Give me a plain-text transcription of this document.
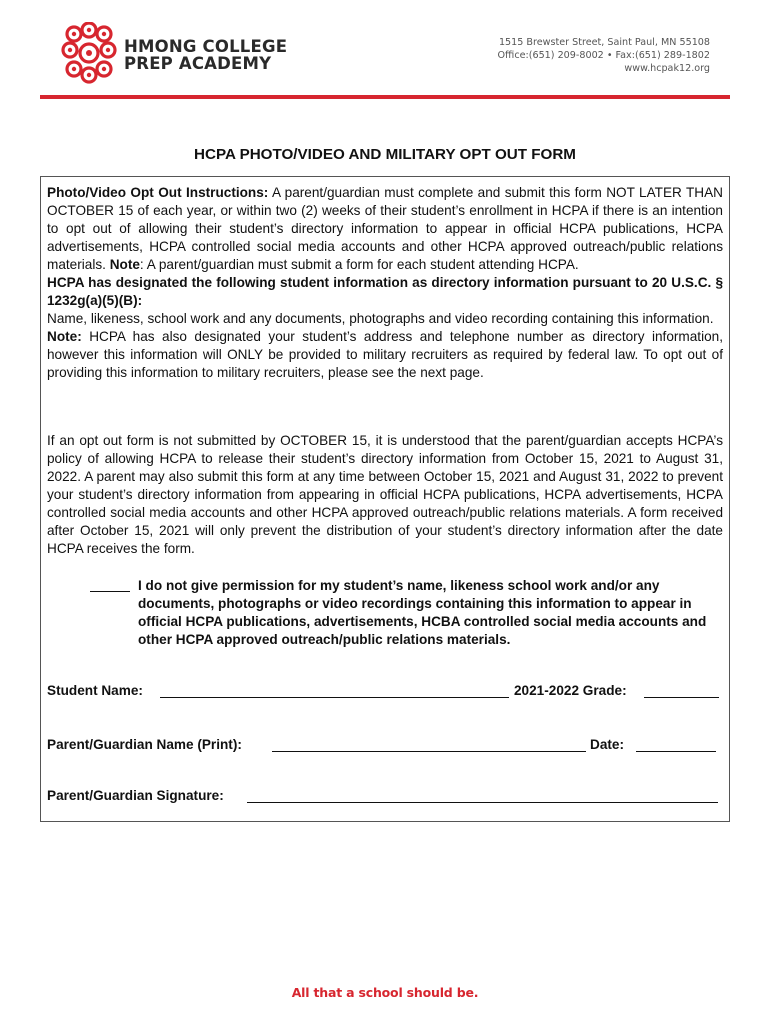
HMONG COLLEGE
PREP ACADEMY
1515 Brewster Street, Saint Paul, MN 55108
Office:(651) 209-8002 • Fax:(651) 289-1802
www.hcpak12.org
HCPA PHOTO/VIDEO AND MILITARY OPT OUT FORM
Photo/Video Opt Out Instructions: A parent/guardian must complete and submit this form NOT LATER THAN OCTOBER 15 of each year, or within two (2) weeks of their student’s enrollment in HCPA if there is an intention to opt out of allowing their student’s directory information to appear in official HCPA publications, HCPA advertisements, HCPA controlled social media accounts and other HCPA approved outreach/public relations materials. Note: A parent/guardian must submit a form for each student attending HCPA.
HCPA has designated the following student information as directory information pursuant to 20 U.S.C. § 1232g(a)(5)(B):
Name, likeness, school work and any documents, photographs and video recording containing this information.
Note: HCPA has also designated your student’s address and telephone number as directory information, however this information will ONLY be provided to military recruiters as required by federal law. To opt out of providing this information to military recruiters, please see the next page.
If an opt out form is not submitted by OCTOBER 15, it is understood that the parent/guardian accepts HCPA’s policy of allowing HCPA to release their student’s directory information from October 15, 2021 to August 31, 2022. A parent may also submit this form at any time between October 15, 2021 and August 31, 2022 to prevent your student’s directory information from appearing in official HCPA publications, HCPA advertisements, HCPA controlled social media accounts and other HCPA approved outreach/public relations materials. A form received after October 15, 2021 will only prevent the distribution of your student’s directory information after the date HCPA receives the form.
I do not give permission for my student’s name, likeness school work and/or any documents, photographs or video recordings containing this information to appear in official HCPA publications, advertisements, HCBA controlled social media accounts and other HCPA approved outreach/public relations materials.
Student Name:	2021-2022 Grade:
Parent/Guardian Name (Print):	Date:
Parent/Guardian Signature:
All that a school should be.
